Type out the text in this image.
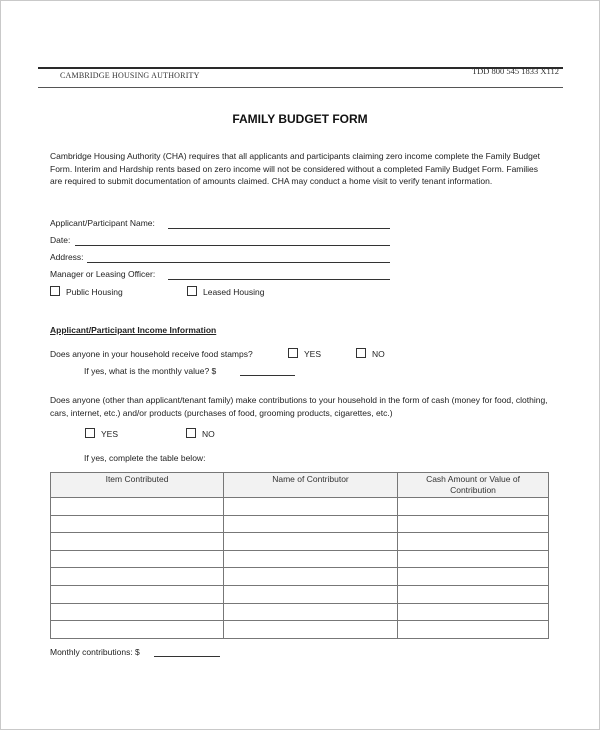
CAMBRIDGE HOUSING AUTHORITY	TDD 800 545 1833 X112
FAMILY BUDGET FORM
Cambridge Housing Authority (CHA) requires that all applicants and participants claiming zero income complete the Family Budget Form. Interim and Hardship rents based on zero income will not be considered without a completed Family Budget Form. Families are required to submit documentation of amounts claimed. CHA may conduct a home visit to verify tenant information.
Applicant/Participant Name:
Date:
Address:
Manager or Leasing Officer:
Public Housing	Leased Housing
Applicant/Participant Income Information
Does anyone in your household receive food stamps?	YES	NO
If yes, what is the monthly value? $
Does anyone (other than applicant/tenant family) make contributions to your household in the form of cash (money for food, clothing, cars, internet, etc.) and/or products (purchases of food, grooming products, cigarettes, etc.)
YES	NO
If yes, complete the table below:
Item Contributed	Name of Contributor	Cash Amount or Value of Contribution

Monthly contributions: $
